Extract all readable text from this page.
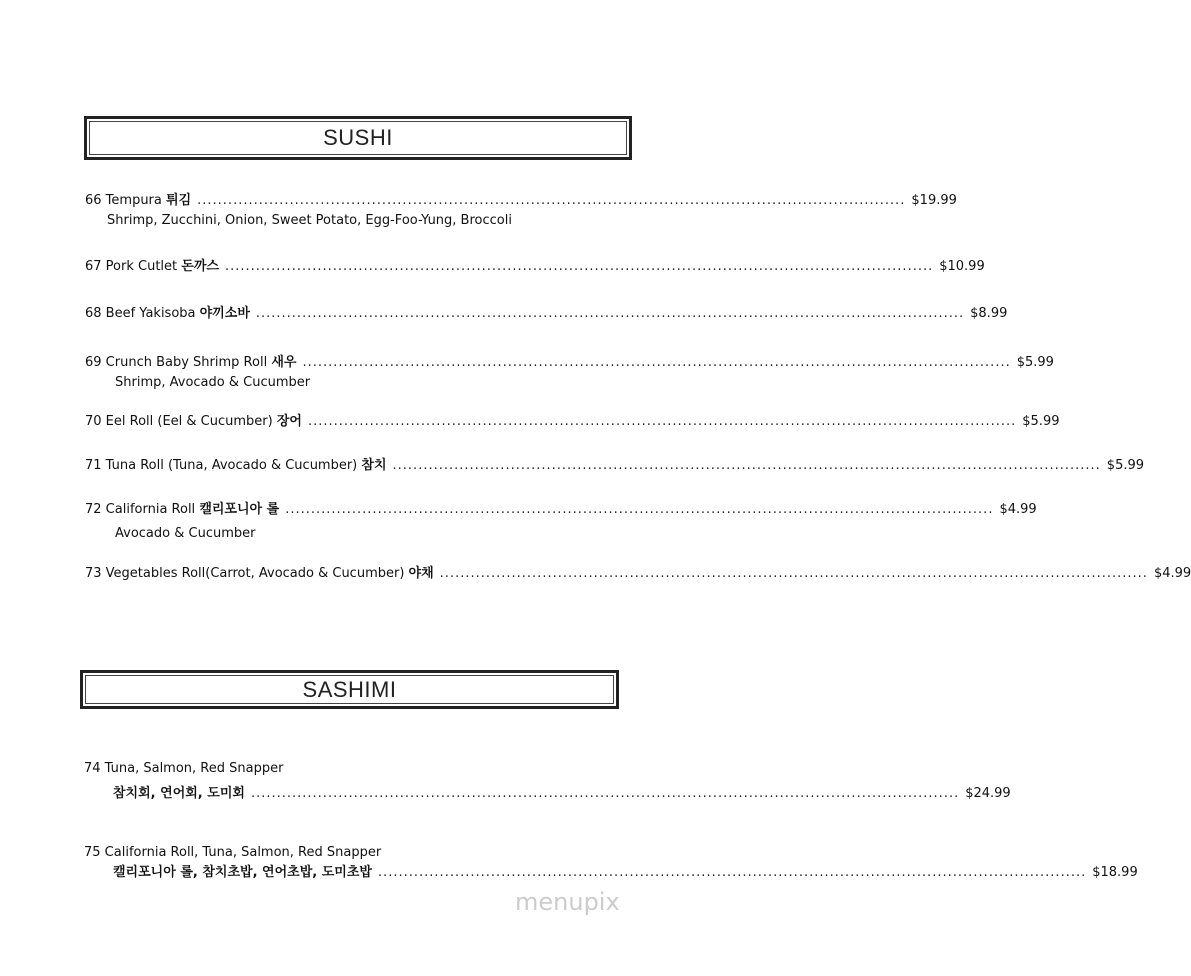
SUSHI
66 Tempura 튀김 .......................................................................................................................................... $19.99
Shrimp, Zucchini, Onion, Sweet Potato, Egg-Foo-Yung, Broccoli
67 Pork Cutlet 돈까스 .......................................................................................................................................... $10.99
68 Beef Yakisoba 야끼소바 .......................................................................................................................................... $8.99
69 Crunch Baby Shrimp Roll 새우 .......................................................................................................................................... $5.99
Shrimp, Avocado & Cucumber
70 Eel Roll (Eel & Cucumber) 장어 .......................................................................................................................................... $5.99
71 Tuna Roll (Tuna, Avocado & Cucumber) 참치 .......................................................................................................................................... $5.99
72 California Roll 캘리포니아 롤 .......................................................................................................................................... $4.99
Avocado & Cucumber
73 Vegetables Roll(Carrot, Avocado & Cucumber) 야채 .......................................................................................................................................... $4.99
SASHIMI
74 Tuna, Salmon, Red Snapper
참치회, 연어회, 도미회 .......................................................................................................................................... $24.99
75 California Roll, Tuna, Salmon, Red Snapper
캘리포니아 롤, 참치초밥, 연어초밥, 도미초밥 .......................................................................................................................................... $18.99
menupix
